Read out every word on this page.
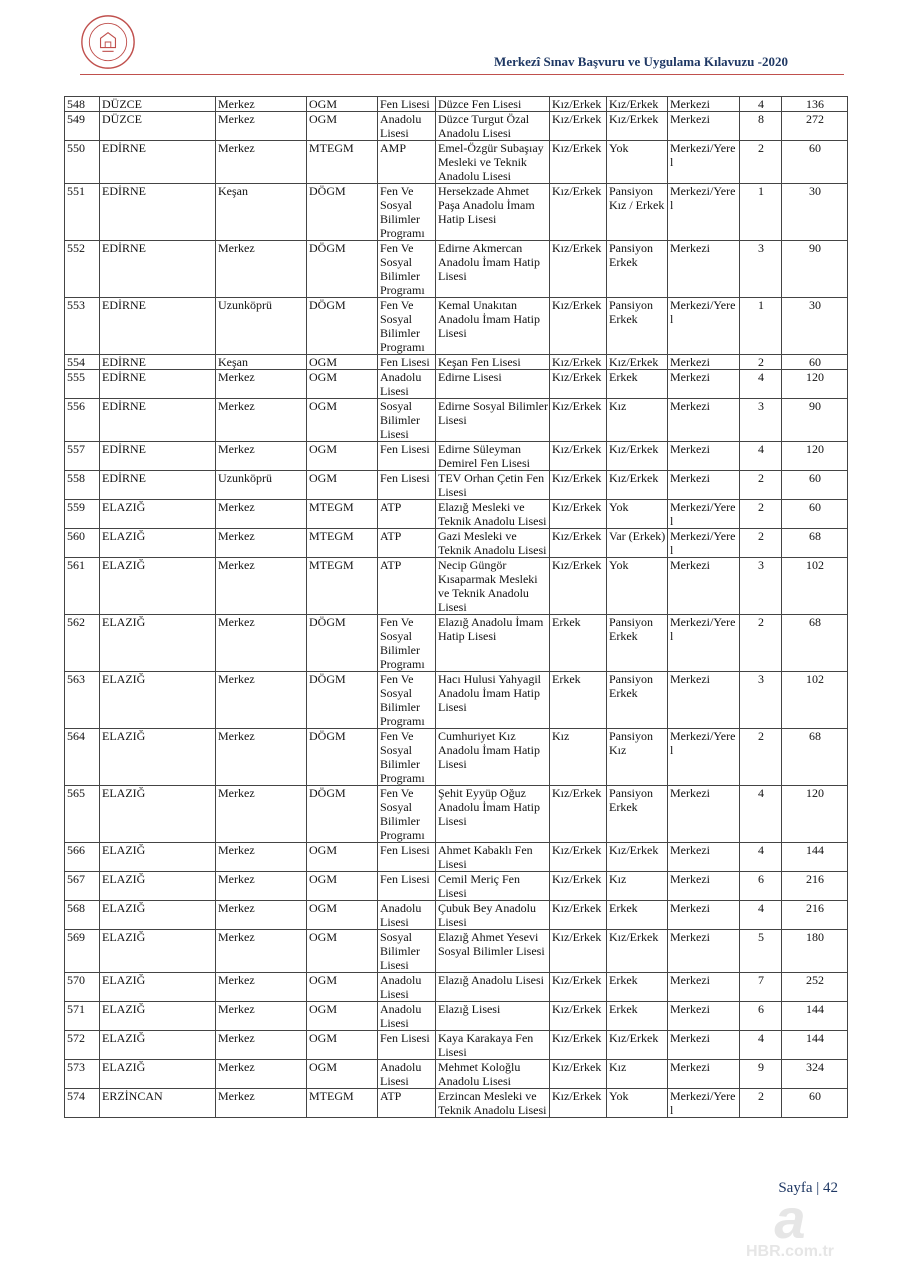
Merkezî Sınav Başvuru ve Uygulama Kılavuzu -2020
548	DÜZCE	Merkez	OGM	Fen Lisesi	Düzce Fen Lisesi	Kız/Erkek	Kız/Erkek	Merkezi	4	136
549	DÜZCE	Merkez	OGM	Anadolu Lisesi	Düzce Turgut Özal Anadolu Lisesi	Kız/Erkek	Kız/Erkek	Merkezi	8	272
550	EDİRNE	Merkez	MTEGM	AMP	Emel-Özgür Subaşıay Mesleki ve Teknik Anadolu Lisesi	Kız/Erkek	Yok	Merkezi/Yerel	2	60
551	EDİRNE	Keşan	DÖGM	Fen Ve Sosyal Bilimler Programı	Hersekzade Ahmet Paşa Anadolu İmam Hatip Lisesi	Kız/Erkek	Pansiyon Kız / Erkek	Merkezi/Yerel	1	30
552	EDİRNE	Merkez	DÖGM	Fen Ve Sosyal Bilimler Programı	Edirne Akmercan Anadolu İmam Hatip Lisesi	Kız/Erkek	Pansiyon Erkek	Merkezi	3	90
553	EDİRNE	Uzunköprü	DÖGM	Fen Ve Sosyal Bilimler Programı	Kemal Unakıtan Anadolu İmam Hatip Lisesi	Kız/Erkek	Pansiyon Erkek	Merkezi/Yerel	1	30
554	EDİRNE	Keşan	OGM	Fen Lisesi	Keşan Fen Lisesi	Kız/Erkek	Kız/Erkek	Merkezi	2	60
555	EDİRNE	Merkez	OGM	Anadolu Lisesi	Edirne Lisesi	Kız/Erkek	Erkek	Merkezi	4	120
556	EDİRNE	Merkez	OGM	Sosyal Bilimler Lisesi	Edirne Sosyal Bilimler Lisesi	Kız/Erkek	Kız	Merkezi	3	90
557	EDİRNE	Merkez	OGM	Fen Lisesi	Edirne Süleyman Demirel Fen Lisesi	Kız/Erkek	Kız/Erkek	Merkezi	4	120
558	EDİRNE	Uzunköprü	OGM	Fen Lisesi	TEV Orhan Çetin Fen Lisesi	Kız/Erkek	Kız/Erkek	Merkezi	2	60
559	ELAZIĞ	Merkez	MTEGM	ATP	Elazığ Mesleki ve Teknik Anadolu Lisesi	Kız/Erkek	Yok	Merkezi/Yerel	2	60
560	ELAZIĞ	Merkez	MTEGM	ATP	Gazi Mesleki ve Teknik Anadolu Lisesi	Kız/Erkek	Var (Erkek)	Merkezi/Yerel	2	68
561	ELAZIĞ	Merkez	MTEGM	ATP	Necip Güngör Kısaparmak Mesleki ve Teknik Anadolu Lisesi	Kız/Erkek	Yok	Merkezi	3	102
562	ELAZIĞ	Merkez	DÖGM	Fen Ve Sosyal Bilimler Programı	Elazığ Anadolu İmam Hatip Lisesi	Erkek	Pansiyon Erkek	Merkezi/Yerel	2	68
563	ELAZIĞ	Merkez	DÖGM	Fen Ve Sosyal Bilimler Programı	Hacı Hulusi Yahyagil Anadolu İmam Hatip Lisesi	Erkek	Pansiyon Erkek	Merkezi	3	102
564	ELAZIĞ	Merkez	DÖGM	Fen Ve Sosyal Bilimler Programı	Cumhuriyet Kız Anadolu İmam Hatip Lisesi	Kız	Pansiyon Kız	Merkezi/Yerel	2	68
565	ELAZIĞ	Merkez	DÖGM	Fen Ve Sosyal Bilimler Programı	Şehit Eyyüp Oğuz Anadolu İmam Hatip Lisesi	Kız/Erkek	Pansiyon Erkek	Merkezi	4	120
566	ELAZIĞ	Merkez	OGM	Fen Lisesi	Ahmet Kabaklı Fen Lisesi	Kız/Erkek	Kız/Erkek	Merkezi	4	144
567	ELAZIĞ	Merkez	OGM	Fen Lisesi	Cemil Meriç Fen Lisesi	Kız/Erkek	Kız	Merkezi	6	216
568	ELAZIĞ	Merkez	OGM	Anadolu Lisesi	Çubuk Bey Anadolu Lisesi	Kız/Erkek	Erkek	Merkezi	4	216
569	ELAZIĞ	Merkez	OGM	Sosyal Bilimler Lisesi	Elazığ Ahmet Yesevi Sosyal Bilimler Lisesi	Kız/Erkek	Kız/Erkek	Merkezi	5	180
570	ELAZIĞ	Merkez	OGM	Anadolu Lisesi	Elazığ Anadolu Lisesi	Kız/Erkek	Erkek	Merkezi	7	252
571	ELAZIĞ	Merkez	OGM	Anadolu Lisesi	Elazığ Lisesi	Kız/Erkek	Erkek	Merkezi	6	144
572	ELAZIĞ	Merkez	OGM	Fen Lisesi	Kaya Karakaya Fen Lisesi	Kız/Erkek	Kız/Erkek	Merkezi	4	144
573	ELAZIĞ	Merkez	OGM	Anadolu Lisesi	Mehmet Koloğlu Anadolu Lisesi	Kız/Erkek	Kız	Merkezi	9	324
574	ERZİNCAN	Merkez	MTEGM	ATP	Erzincan Mesleki ve Teknik Anadolu Lisesi	Kız/Erkek	Yok	Merkezi/Yerel	2	60
Sayfa | 42
a
HBR.com.tr
